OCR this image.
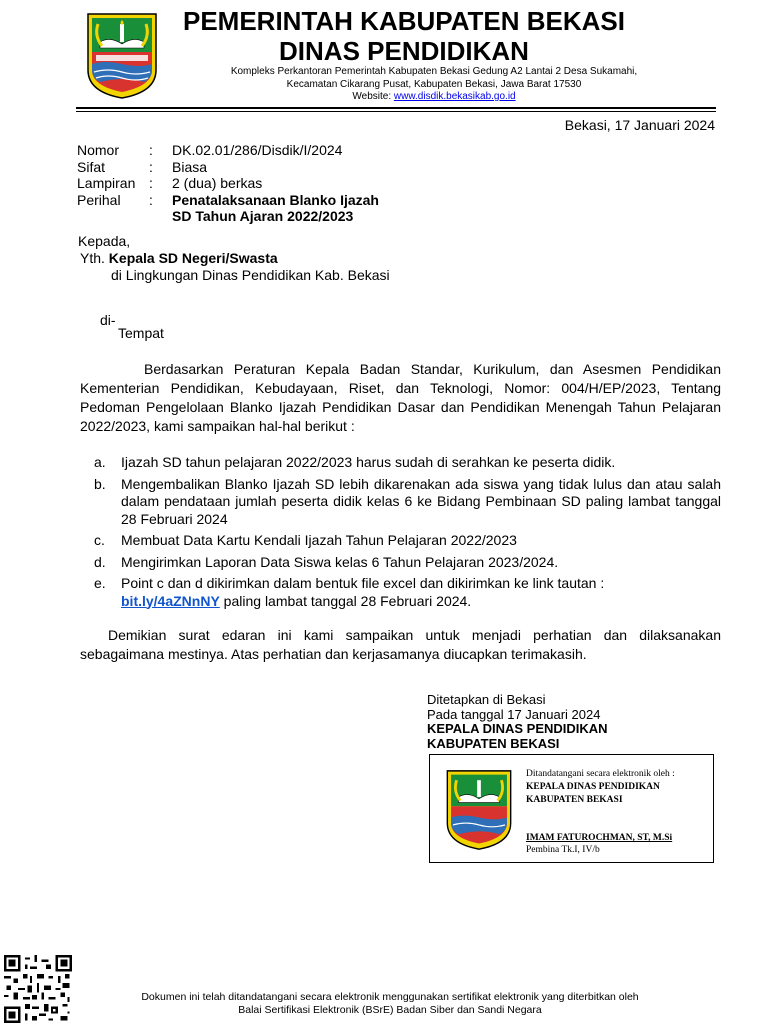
PEMERINTAH KABUPATEN BEKASI
DINAS PENDIDIKAN
Kompleks Perkantoran Pemerintah Kabupaten Bekasi Gedung A2 Lantai 2 Desa Sukamahi,
Kecamatan Cikarang Pusat, Kabupaten Bekasi, Jawa Barat 17530
Website: www.disdik.bekasikab.go.id
Bekasi, 17 Januari 2024
Nomor	:	DK.02.01/286/Disdik/I/2024
Sifat	:	Biasa
Lampiran	:	2 (dua) berkas
Perihal	:	Penatalaksanaan Blanko Ijazah
SD Tahun Ajaran 2022/2023
Kepada,
Yth. Kepala SD Negeri/Swasta
di Lingkungan Dinas Pendidikan Kab. Bekasi
di-
Tempat
Berdasarkan Peraturan Kepala Badan Standar, Kurikulum, dan Asesmen Pendidikan Kementerian Pendidikan, Kebudayaan, Riset, dan Teknologi, Nomor: 004/H/EP/2023, Tentang Pedoman Pengelolaan Blanko Ijazah Pendidikan Dasar dan Pendidikan Menengah Tahun Pelajaran 2022/2023, kami sampaikan hal-hal berikut :
a. Ijazah SD tahun pelajaran 2022/2023 harus sudah di serahkan ke peserta didik.
b. Mengembalikan Blanko Ijazah SD lebih dikarenakan ada siswa yang tidak lulus dan atau salah dalam pendataan jumlah peserta didik kelas 6 ke Bidang Pembinaan SD paling lambat tanggal 28 Februari 2024
c. Membuat Data Kartu Kendali Ijazah Tahun Pelajaran 2022/2023
d. Mengirimkan Laporan Data Siswa kelas 6 Tahun Pelajaran 2023/2024.
e. Point c dan d dikirimkan dalam bentuk file excel dan dikirimkan ke link tautan :
bit.ly/4aZNnNY paling lambat tanggal 28 Februari 2024.
Demikian surat edaran ini kami sampaikan untuk menjadi perhatian dan dilaksanakan sebagaimana mestinya. Atas perhatian dan kerjasamanya diucapkan terimakasih.
Ditetapkan di Bekasi
Pada tanggal 17 Januari 2024
KEPALA DINAS PENDIDIKAN
KABUPATEN BEKASI
Ditandatangani secara elektronik oleh :
KEPALA DINAS PENDIDIKAN
KABUPATEN BEKASI
IMAM FATUROCHMAN, ST, M.Si
Pembina Tk.I, IV/b
Dokumen ini telah ditandatangani secara elektronik menggunakan sertifikat elektronik yang diterbitkan oleh
Balai Sertifikasi Elektronik (BSrE) Badan Siber dan Sandi Negara
